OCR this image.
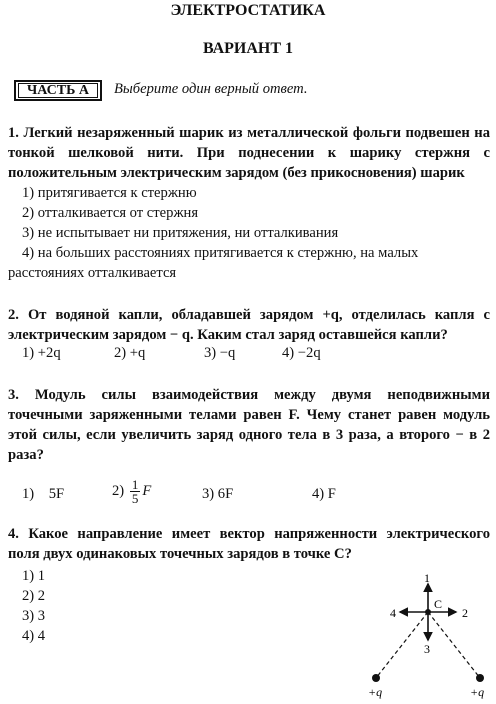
ЭЛЕКТРОСТАТИКА
ВАРИАНТ 1
ЧАСТЬ А	Выберите один верный ответ.
1. Легкий незаряженный шарик из металлической фольги подвешен на тонкой шелковой нити. При поднесении к шарику стержня с положительным электрическим зарядом (без прикосновения) шарик
1) притягивается к стержню
2) отталкивается от стержня
3) не испытывает ни притяжения, ни отталкивания
4) на больших расстояниях притягивается к стержню, на малых расстояниях отталкивается
2. От водяной капли, обладавшей зарядом +q, отделилась капля с электрическим зарядом − q. Каким стал заряд оставшейся капли?
1) +2q	2) +q	3) −q	4) −2q
3. Модуль силы взаимодействия между двумя неподвижными точечными заряженными телами равен F. Чему станет равен модуль этой силы, если увеличить заряд одного тела в 3 раза, а второго − в 2 раза?
1)    5F	$2) \frac{1}{5}$ F	3) 6F	4) F
4. Какое направление имеет вектор напряженности электрического поля двух одинаковых точечных зарядов в точке С?
1) 1
2) 2
3) 3
4) 4
C
1
2
3
4
+q	+q
